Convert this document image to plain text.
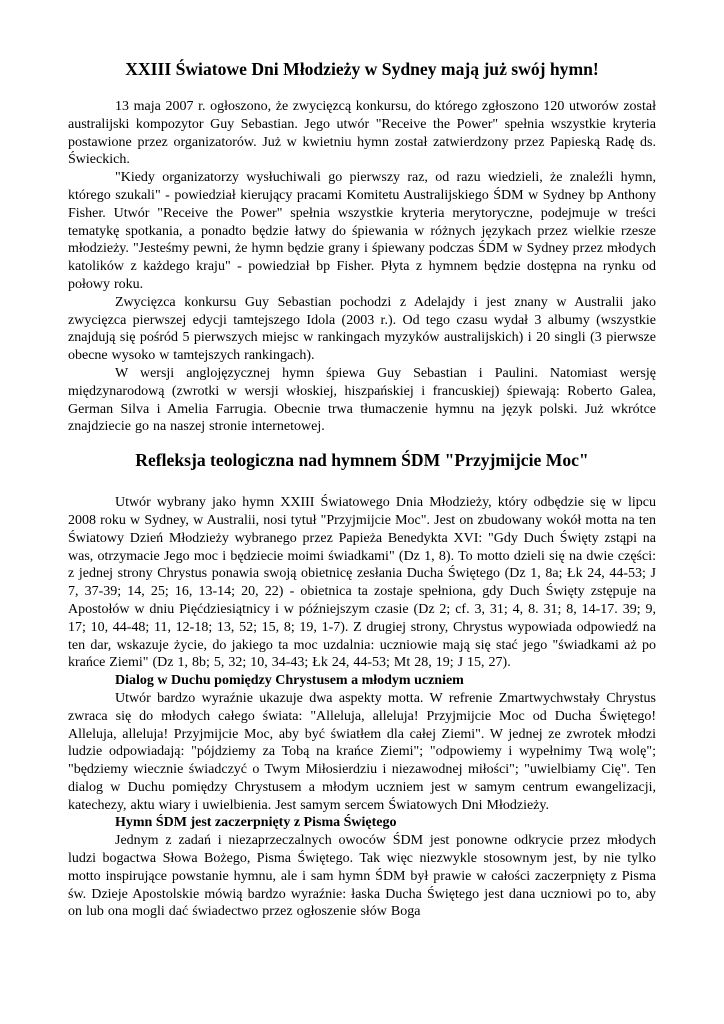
XXIII Światowe Dni Młodzieży w Sydney mają już swój hymn!

13 maja 2007 r. ogłoszono, że zwycięzcą konkursu, do którego zgłoszono 120 utworów został australijski kompozytor Guy Sebastian. Jego utwór "Receive the Power" spełnia wszystkie kryteria postawione przez organizatorów. Już w kwietniu hymn został zatwierdzony przez Papieską Radę ds. Świeckich.

"Kiedy organizatorzy wysłuchiwali go pierwszy raz, od razu wiedzieli, że znaleźli hymn, którego szukali" - powiedział kierujący pracami Komitetu Australijskiego ŚDM w Sydney bp Anthony Fisher. Utwór "Receive the Power" spełnia wszystkie kryteria merytoryczne, podejmuje w treści tematykę spotkania, a ponadto będzie łatwy do śpiewania w różnych językach przez wielkie rzesze młodzieży. "Jesteśmy pewni, że hymn będzie grany i śpiewany podczas ŚDM w Sydney przez młodych katolików z każdego kraju" - powiedział bp Fisher. Płyta z hymnem będzie dostępna na rynku od połowy roku.

Zwycięzca konkursu Guy Sebastian pochodzi z Adelajdy i jest znany w Australii jako zwycięzca pierwszej edycji tamtejszego Idola (2003 r.). Od tego czasu wydał 3 albumy (wszystkie znajdują się pośród 5 pierwszych miejsc w rankingach myzyków australijskich) i 20 singli (3 pierwsze obecne wysoko w tamtejszych rankingach).

W wersji anglojęzycznej hymn śpiewa Guy Sebastian i Paulini. Natomiast wersję międzynarodową (zwrotki w wersji włoskiej, hiszpańskiej i francuskiej) śpiewają: Roberto Galea, German Silva i Amelia Farrugia. Obecnie trwa tłumaczenie hymnu na język polski. Już wkrótce znajdziecie go na naszej stronie internetowej.

Refleksja teologiczna nad hymnem ŚDM "Przyjmijcie Moc"

Utwór wybrany jako hymn XXIII Światowego Dnia Młodzieży, który odbędzie się w lipcu 2008 roku w Sydney, w Australii, nosi tytuł "Przyjmijcie Moc". Jest on zbudowany wokół motta na ten Światowy Dzień Młodzieży wybranego przez Papieża Benedykta XVI: "Gdy Duch Święty zstąpi na was, otrzymacie Jego moc i będziecie moimi świadkami" (Dz 1, 8). To motto dzieli się na dwie części: z jednej strony Chrystus ponawia swoją obietnicę zesłania Ducha Świętego (Dz 1, 8a; Łk 24, 44-53; J 7, 37-39; 14, 25; 16, 13-14; 20, 22) - obietnica ta zostaje spełniona, gdy Duch Święty zstępuje na Apostołów w dniu Pięćdziesiątnicy i w późniejszym czasie (Dz 2; cf. 3, 31; 4, 8. 31; 8, 14-17. 39; 9, 17; 10, 44-48; 11, 12-18; 13, 52; 15, 8; 19, 1-7). Z drugiej strony, Chrystus wypowiada odpowiedź na ten dar, wskazuje życie, do jakiego ta moc uzdalnia: uczniowie mają się stać jego "świadkami aż po krańce Ziemi" (Dz 1, 8b; 5, 32; 10, 34-43; Łk 24, 44-53; Mt 28, 19; J 15, 27).

Dialog w Duchu pomiędzy Chrystusem a młodym uczniem

Utwór bardzo wyraźnie ukazuje dwa aspekty motta. W refrenie Zmartwychwstały Chrystus zwraca się do młodych całego świata: "Alleluja, alleluja! Przyjmijcie Moc od Ducha Świętego! Alleluja, alleluja! Przyjmijcie Moc, aby być światłem dla całej Ziemi". W jednej ze zwrotek młodzi ludzie odpowiadają: "pójdziemy za Tobą na krańce Ziemi"; "odpowiemy i wypełnimy Twą wolę"; "będziemy wiecznie świadczyć o Twym Miłosierdziu i niezawodnej miłości"; "uwielbiamy Cię". Ten dialog w Duchu pomiędzy Chrystusem a młodym uczniem jest w samym centrum ewangelizacji, katechezy, aktu wiary i uwielbienia. Jest samym sercem Światowych Dni Młodzieży.

Hymn ŚDM jest zaczerpnięty z Pisma Świętego

Jednym z zadań i niezaprzeczalnych owoców ŚDM jest ponowne odkrycie przez młodych ludzi bogactwa Słowa Bożego, Pisma Świętego. Tak więc niezwykle stosownym jest, by nie tylko motto inspirujące powstanie hymnu, ale i sam hymn ŚDM był prawie w całości zaczerpnięty z Pisma św. Dzieje Apostolskie mówią bardzo wyraźnie: łaska Ducha Świętego jest dana uczniowi po to, aby on lub ona mogli dać świadectwo przez ogłoszenie słów Boga
